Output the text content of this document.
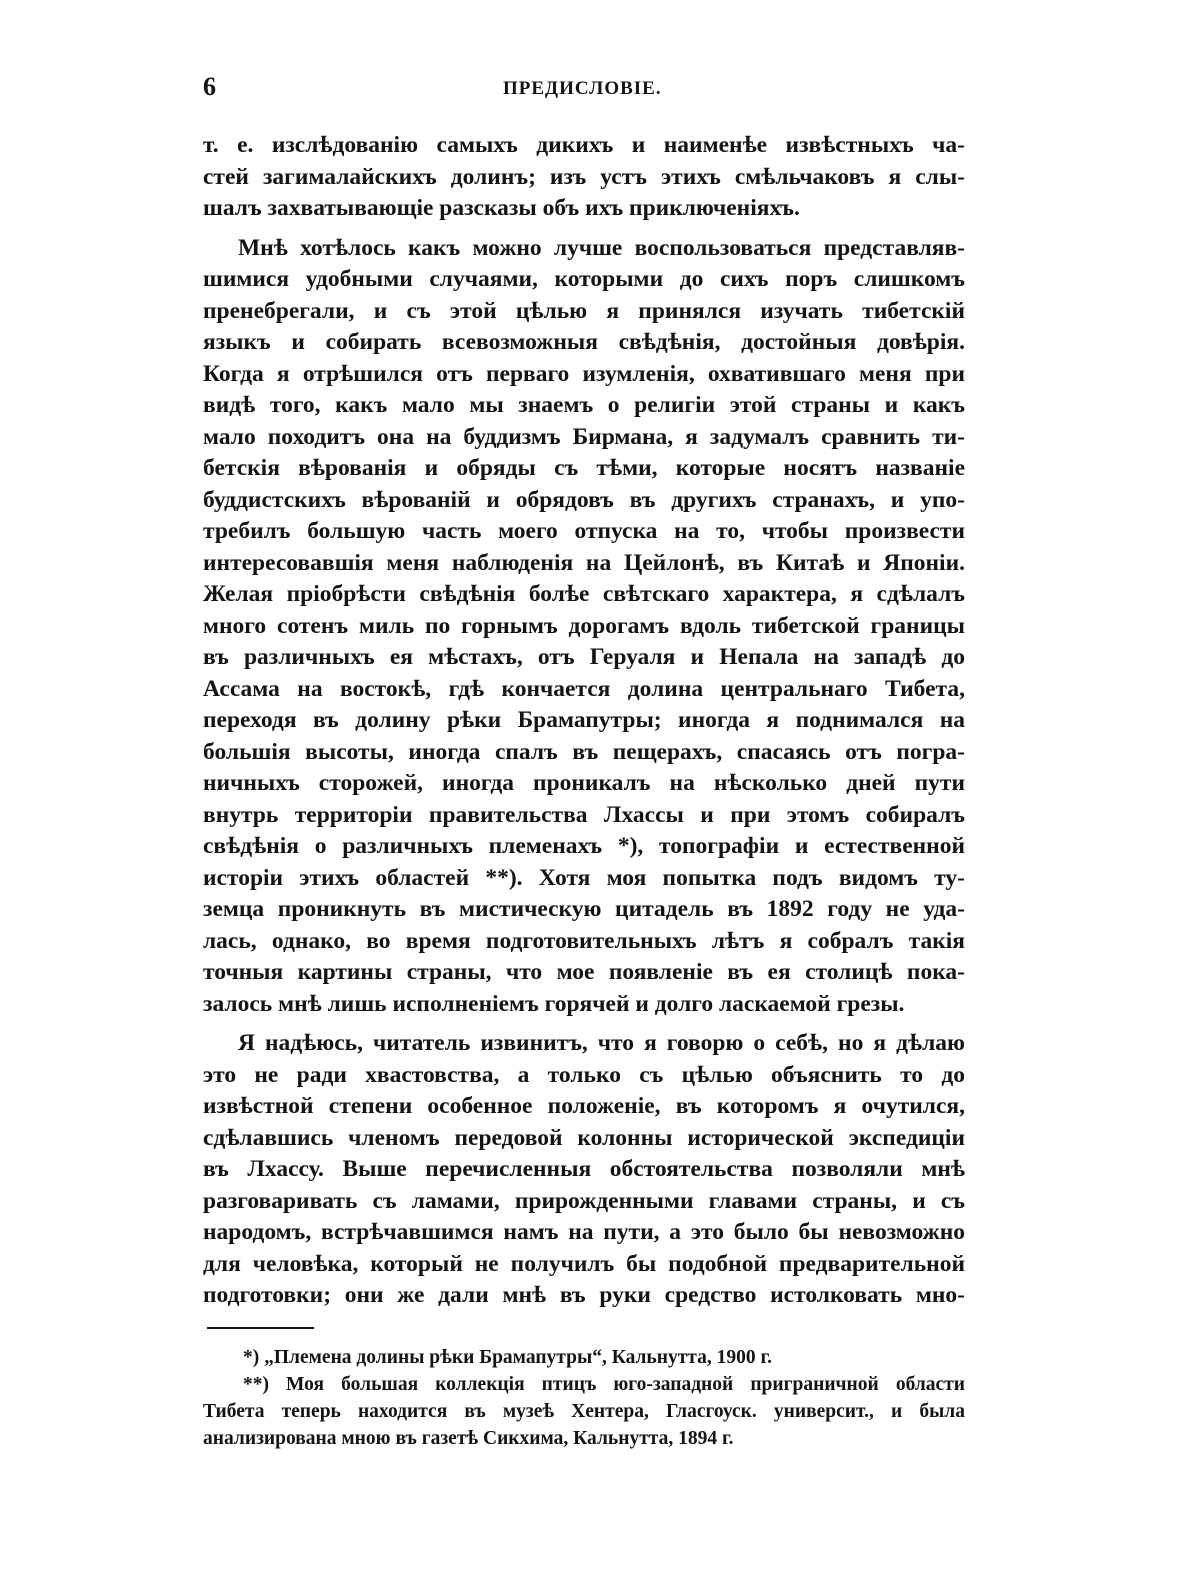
6	ПРЕДИСЛОВІЕ.
т. е. изслѣдованію самыхъ дикихъ и наименѣе извѣстныхъ ча-
стей загималайскихъ долинъ; изъ устъ этихъ смѣльчаковъ я слы-
шалъ захватывающіе разсказы объ ихъ приключеніяхъ.
Мнѣ хотѣлось какъ можно лучше воспользоваться представляв-
шимися удобными случаями, которыми до сихъ поръ слишкомъ
пренебрегали, и съ этой цѣлью я принялся изучать тибетскій
языкъ и собирать всевозможныя свѣдѣнія, достойныя довѣрія.
Когда я отрѣшился отъ перваго изумленія, охватившаго меня при
видѣ того, какъ мало мы знаемъ о религіи этой страны и какъ
мало походитъ она на буддизмъ Бирмана, я задумалъ сравнить ти-
бетскія вѣрованія и обряды съ тѣми, которые носятъ названіе
буддистскихъ вѣрованій и обрядовъ въ другихъ странахъ, и упо-
требилъ большую часть моего отпуска на то, чтобы произвести
интересовавшія меня наблюденія на Цейлонѣ, въ Китаѣ и Японіи.
Желая пріобрѣсти свѣдѣнія болѣе свѣтскаго характера, я сдѣлалъ
много сотенъ миль по горнымъ дорогамъ вдоль тибетской границы
въ различныхъ ея мѣстахъ, отъ Геруаля и Непала на западѣ до
Ассама на востокѣ, гдѣ кончается долина центральнаго Тибета,
переходя въ долину рѣки Брамапутры; иногда я поднимался на
большія высоты, иногда спалъ въ пещерахъ, спасаясь отъ погра-
ничныхъ сторожей, иногда проникалъ на нѣсколько дней пути
внутрь территоріи правительства Лхассы и при этомъ собиралъ
свѣдѣнія о различныхъ племенахъ *), топографіи и естественной
исторіи этихъ областей **). Хотя моя попытка подъ видомъ ту-
земца проникнуть въ мистическую цитадель въ 1892 году не уда-
лась, однако, во время подготовительныхъ лѣтъ я собралъ такія
точныя картины страны, что мое появленіе въ ея столицѣ пока-
залось мнѣ лишь исполненіемъ горячей и долго ласкаемой грезы.
Я надѣюсь, читатель извинитъ, что я говорю о себѣ, но я дѣлаю
это не ради хвастовства, а только съ цѣлью объяснить то до
извѣстной степени особенное положеніе, въ которомъ я очутился,
сдѣлавшись членомъ передовой колонны исторической экспедиціи
въ Лхассу. Выше перечисленныя обстоятельства позволяли мнѣ
разговаривать съ ламами, прирожденными главами страны, и съ
народомъ, встрѣчавшимся намъ на пути, а это было бы невозможно
для человѣка, который не получилъ бы подобной предварительной
подготовки; они же дали мнѣ въ руки средство истолковать мно-
*) „Племена долины рѣки Брамапутры“, Кальнутта, 1900 г.
**) Моя большая коллекція птицъ юго-западной приграничной области
Тибета теперь находится въ музеѣ Хентера, Гласгоуск. университ., и была
анализирована мною въ газетѣ Сикхима, Кальнутта, 1894 г.
